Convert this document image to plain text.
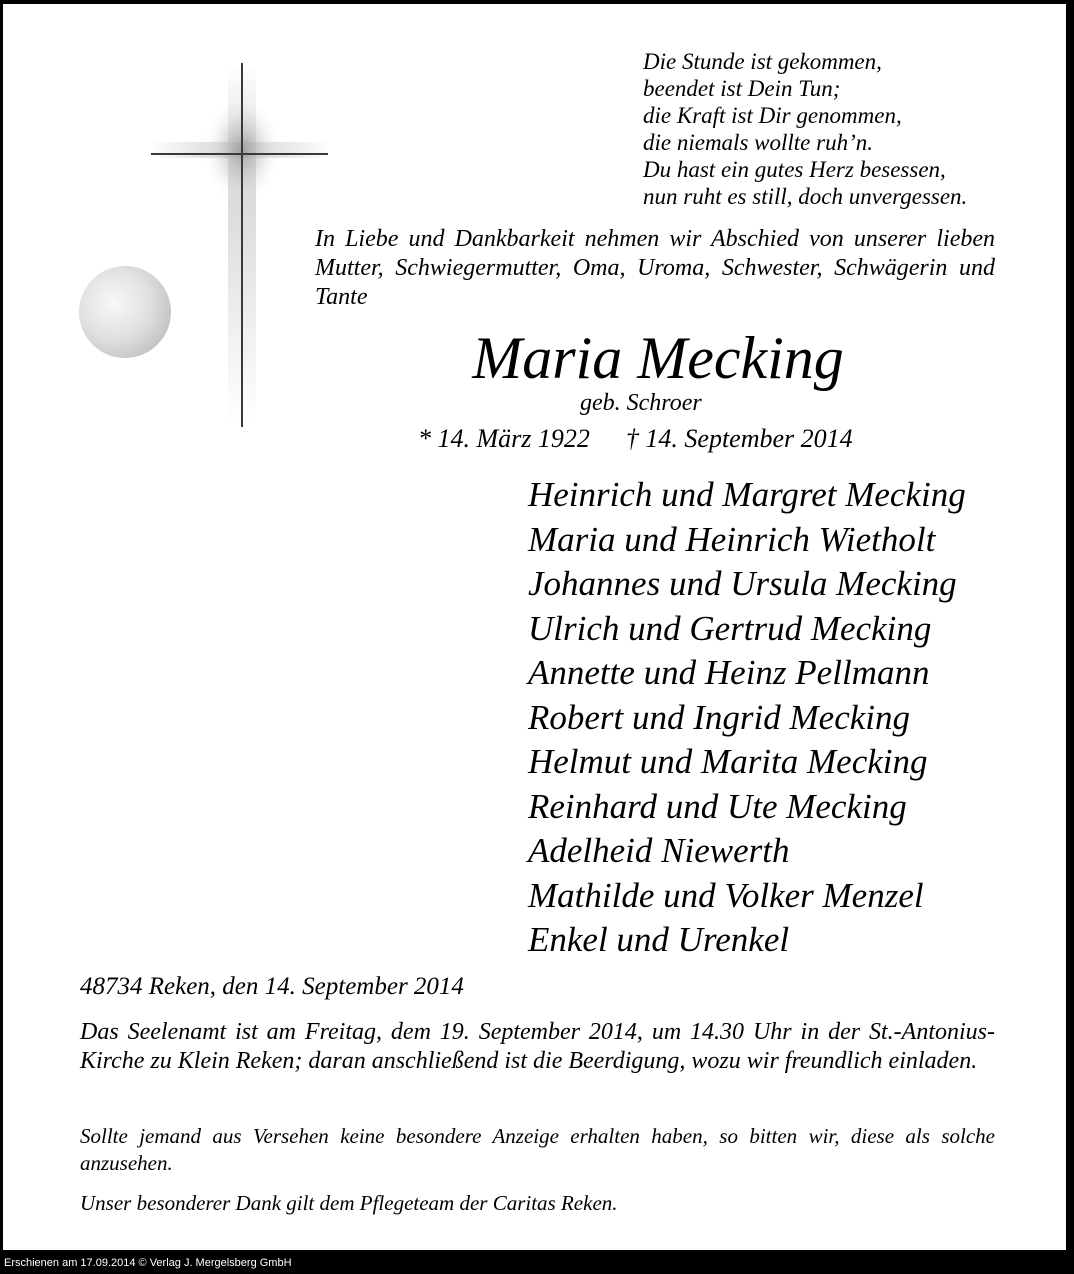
Die Stunde ist gekommen,
beendet ist Dein Tun;
die Kraft ist Dir genommen,
die niemals wollte ruh’n.
Du hast ein gutes Herz besessen,
nun ruht es still, doch unvergessen.
In Liebe und Dankbarkeit nehmen wir Abschied von unserer lieben Mutter, Schwiegermutter, Oma, Uroma, Schwester, Schwägerin und Tante
Maria Mecking
geb. Schroer
* 14. März 1922 † 14. September 2014
Heinrich und Margret Mecking
Maria und Heinrich Wietholt
Johannes und Ursula Mecking
Ulrich und Gertrud Mecking
Annette und Heinz Pellmann
Robert und Ingrid Mecking
Helmut und Marita Mecking
Reinhard und Ute Mecking
Adelheid Niewerth
Mathilde und Volker Menzel
Enkel und Urenkel
48734 Reken, den 14. September 2014
Das Seelenamt ist am Freitag, dem 19. September 2014, um 14.30 Uhr in der St.-Antonius-Kirche zu Klein Reken; daran anschließend ist die Beerdigung, wozu wir freundlich einladen.
Sollte jemand aus Versehen keine besondere Anzeige erhalten haben, so bitten wir, diese als solche anzusehen.
Unser besonderer Dank gilt dem Pflegeteam der Caritas Reken.
Erschienen am 17.09.2014 © Verlag J. Mergelsberg GmbH
